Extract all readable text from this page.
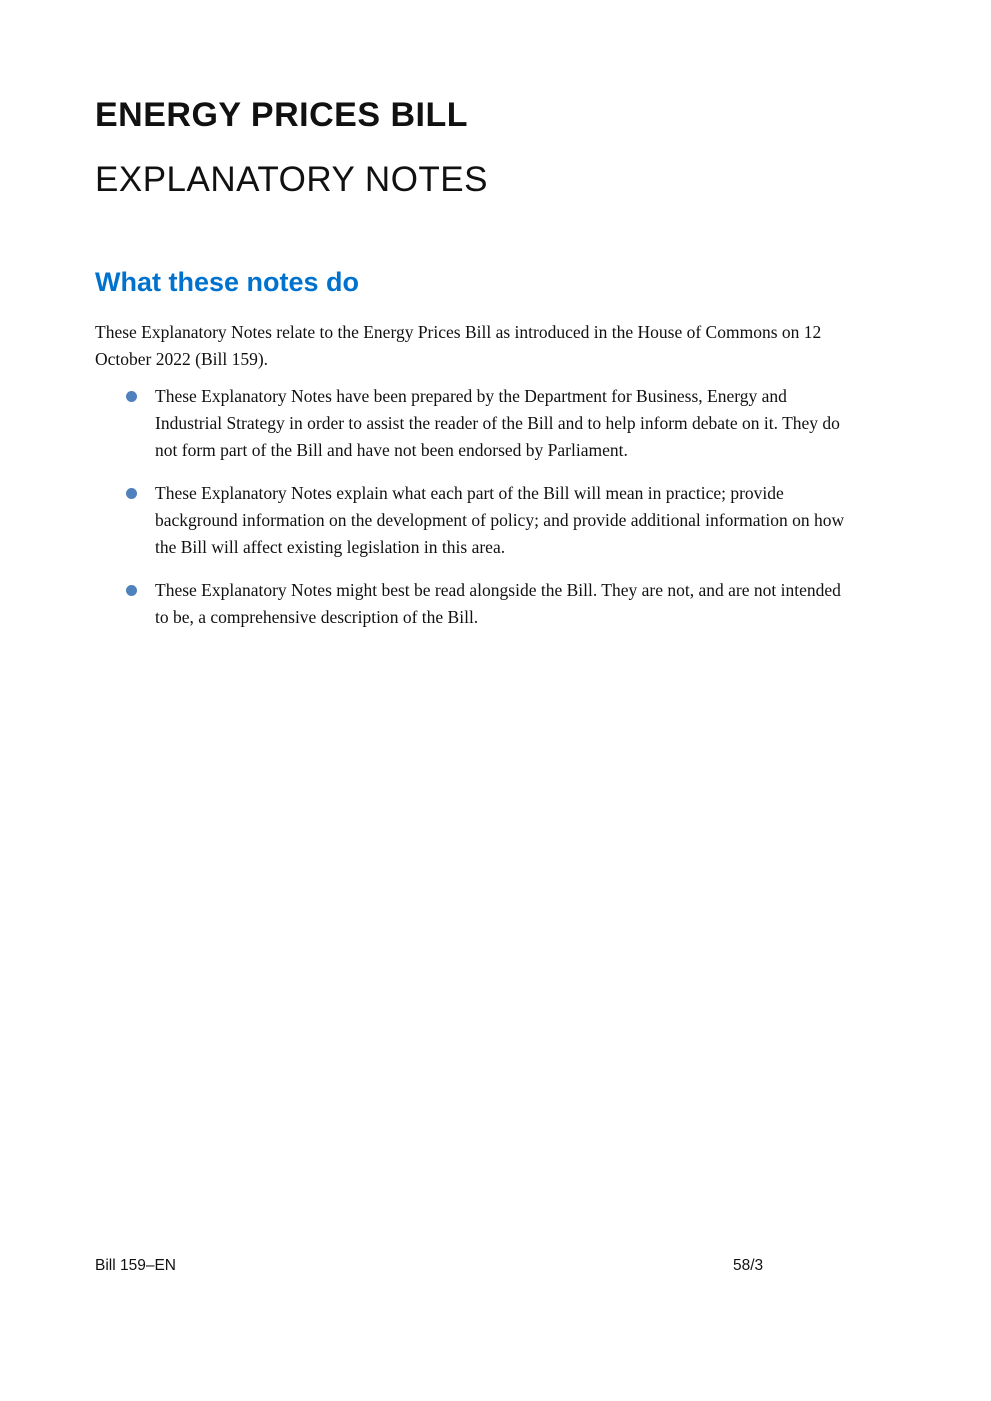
ENERGY PRICES BILL
EXPLANATORY NOTES
What these notes do

These Explanatory Notes relate to the Energy Prices Bill as introduced in the House of Commons on 12 October 2022 (Bill 159).

These Explanatory Notes have been prepared by the Department for Business, Energy and Industrial Strategy in order to assist the reader of the Bill and to help inform debate on it. They do not form part of the Bill and have not been endorsed by Parliament.
These Explanatory Notes explain what each part of the Bill will mean in practice; provide background information on the development of policy; and provide additional information on how the Bill will affect existing legislation in this area.
These Explanatory Notes might best be read alongside the Bill. They are not, and are not intended to be, a comprehensive description of the Bill.
Bill 159–EN	58/3
